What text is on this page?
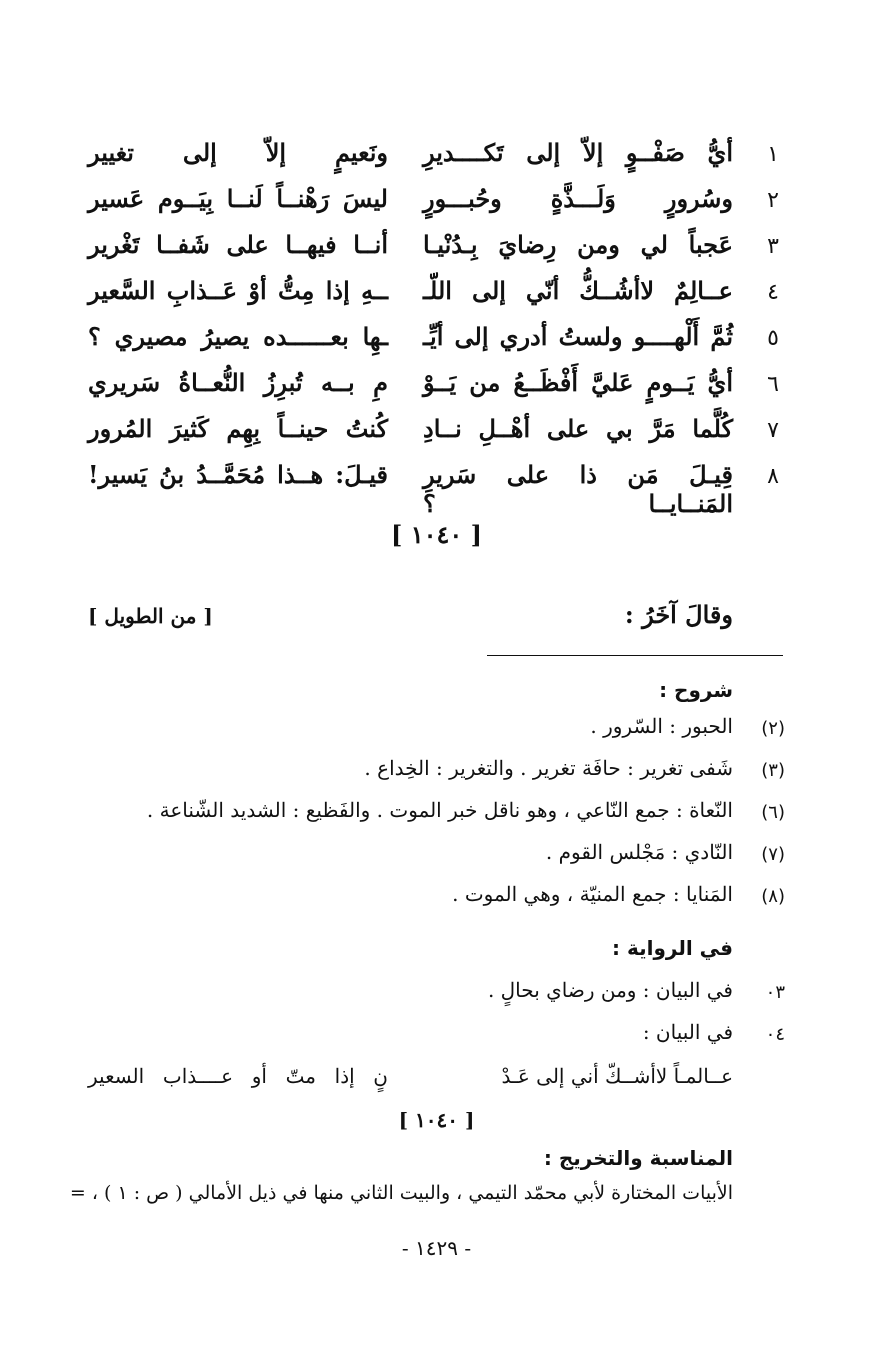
١
أيُّ صَفْــوٍ إلاّ إلى تَكــــديرِ
ونَعيمٍ إلاّ إلى تغيير
٢
وسُرورٍ وَلَـــذَّةٍ وحُبـــورٍ
ليسَ رَهْنــاً لَنــا بِيَــوم عَسير
٣
عَجباً لي ومن رِضايَ بِـدُنْيـا
أنــا فيهــا على شَفــا تَغْرير
٤
عــالِمٌ لاأشُــكُّ أنّي إلى اللّـ
ــهِ إذا مِتُّ أوْ عَــذابِ السَّعير
٥
ثُمَّ أَلْهــــو ولستُ أدري إلى أيِّـ
ـهِا بعــــــده يصيرُ مصيري ؟
٦
أيُّ يَــومٍ عَليَّ أَفْظَــعُ من يَــوْ
مِ بــه تُبرِزُ النُّعــاةُ سَريري
٧
كُلَّما مَرَّ بي على أهْــلِ نــادِ
كُنتُ حينــاً بِهِم كَثيرَ المُرور
٨
قِيـلَ مَن ذا على سَريرِ المَنــايــا ؟
قيـلَ: هــذا مُحَمَّــدُ بنُ يَسير!
[ ١٠٤٠ ]
وقالَ آخَرُ :
[ من الطويل ]
شروح :
(٢)
الحبور : السّرور .
(٣)
شَفى تغرير : حافَة تغرير . والتغرير : الخِداع .
(٦)
النّعاة : جمع النّاعي ، وهو ناقل خبر الموت . والفَظيع : الشديد الشّناعة .
(٧)
النّادي : مَجْلس القوم .
(٨)
المَنايا : جمع المنيّة ، وهي الموت .
في الرواية :
٠٣
في البيان : ومن رضاي بحالٍ .
٠٤
في البيان :
عــالمـاً لاأشــكّ أني إلى عَـدْ
نٍ إذا متّ أو عــــذاب السعير
[ ١٠٤٠ ]
المناسبة والتخريج :
الأبيات المختارة لأبي محمّد التيمي ، والبيت الثاني منها في ذيل الأمالي ( ص : ١ ) ، =
- ١٤٢٩ -
